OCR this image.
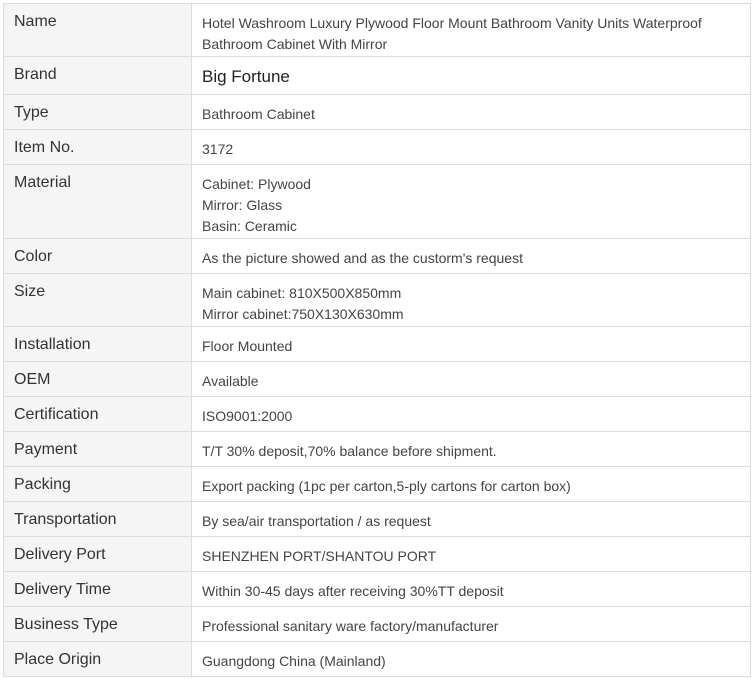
Name	Hotel Washroom Luxury Plywood Floor Mount Bathroom Vanity Units Waterproof
Bathroom Cabinet With Mirror

Brand	Big Fortune

Type	Bathroom Cabinet

Item No.	3172

Material	Cabinet: Plywood
Mirror: Glass
Basin: Ceramic

Color	As the picture showed and as the custorm's request

Size	Main cabinet: 810X500X850mm
Mirror cabinet:750X130X630mm

Installation	Floor Mounted

OEM	Available

Certification	ISO9001:2000

Payment	T/T 30% deposit,70% balance before shipment.

Packing	Export packing (1pc per carton,5-ply cartons for carton box)

Transportation	By sea/air transportation / as request

Delivery Port	SHENZHEN PORT/SHANTOU PORT

Delivery Time	Within 30-45 days after receiving 30%TT deposit

Business Type	Professional sanitary ware factory/manufacturer

Place Origin	Guangdong China (Mainland)
